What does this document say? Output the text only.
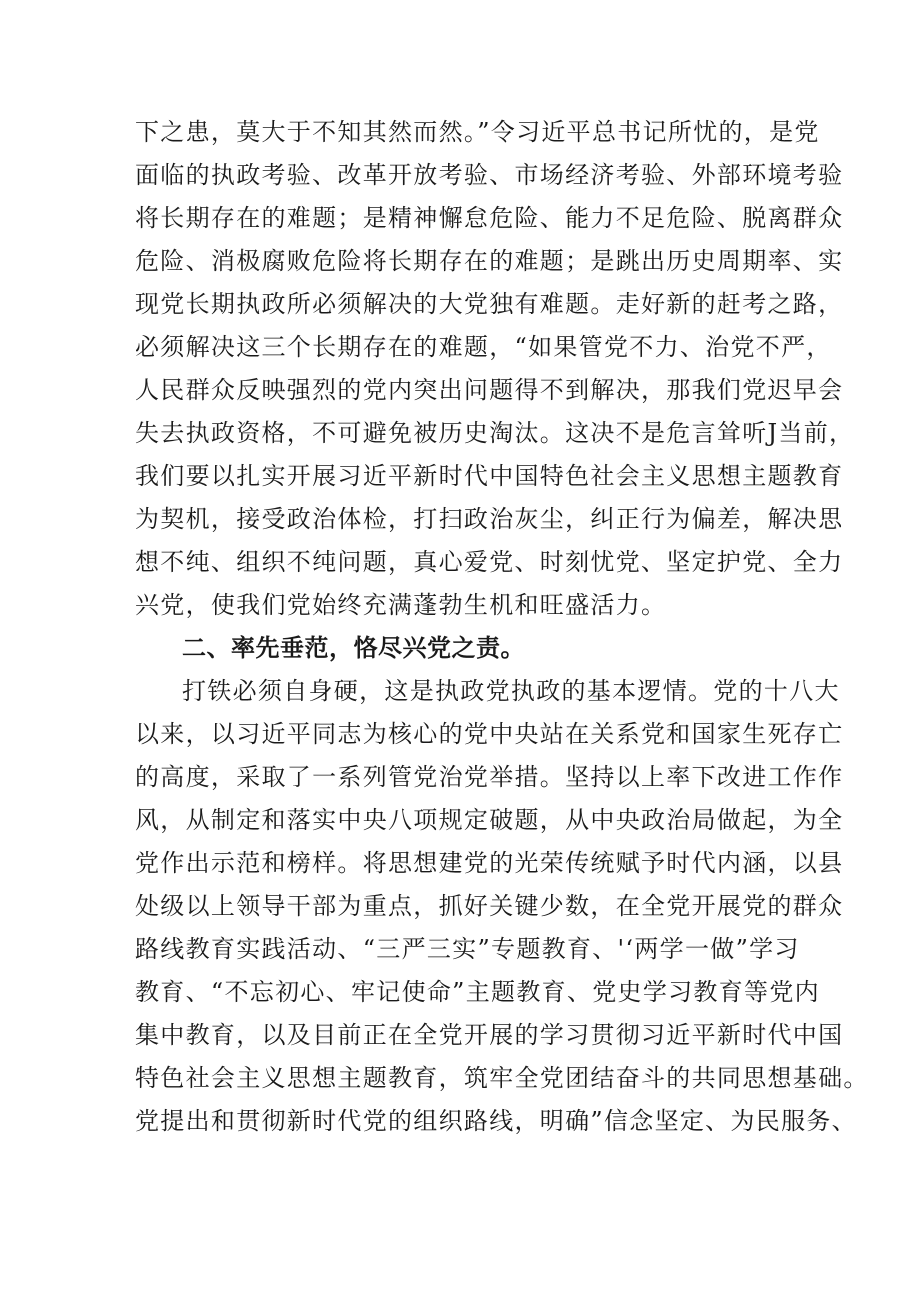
下之患，莫大于不知其然而然。”令习近平总书记所忧的，是党
面临的执政考验、改革开放考验、市场经济考验、外部环境考验
将长期存在的难题；是精神懈怠危险、能力不足危险、脱离群众
危险、消极腐败危险将长期存在的难题；是跳出历史周期率、实
现党长期执政所必须解决的大党独有难题。走好新的赶考之路，
必须解决这三个长期存在的难题，“如果管党不力、治党不严，
人民群众反映强烈的党内突出问题得不到解决，那我们党迟早会
失去执政资格，不可避免被历史淘汰。这决不是危言耸听J当前，
我们要以扎实开展习近平新时代中国特色社会主义思想主题教育
为契机，接受政治体检，打扫政治灰尘，纠正行为偏差，解决思
想不纯、组织不纯问题，真心爱党、时刻忧党、坚定护党、全力
兴党，使我们党始终充满蓬勃生机和旺盛活力。
二、率先垂范，恪尽兴党之责。
打铁必须自身硬，这是执政党执政的基本逻情。党的十八大
以来，以习近平同志为核心的党中央站在关系党和国家生死存亡
的高度，采取了一系列管党治党举措。坚持以上率下改进工作作
风，从制定和落实中央八项规定破题，从中央政治局做起，为全
党作出示范和榜样。将思想建党的光荣传统赋予时代内涵，以县
处级以上领导干部为重点，抓好关键少数，在全党开展党的群众
路线教育实践活动、“三严三实”专题教育、'‘两学一做”学习
教育、“不忘初心、牢记使命”主题教育、党史学习教育等党内
集中教育，以及目前正在全党开展的学习贯彻习近平新时代中国
特色社会主义思想主题教育，筑牢全党团结奋斗的共同思想基础。
党提出和贯彻新时代党的组织路线，明确”信念坚定、为民服务、
